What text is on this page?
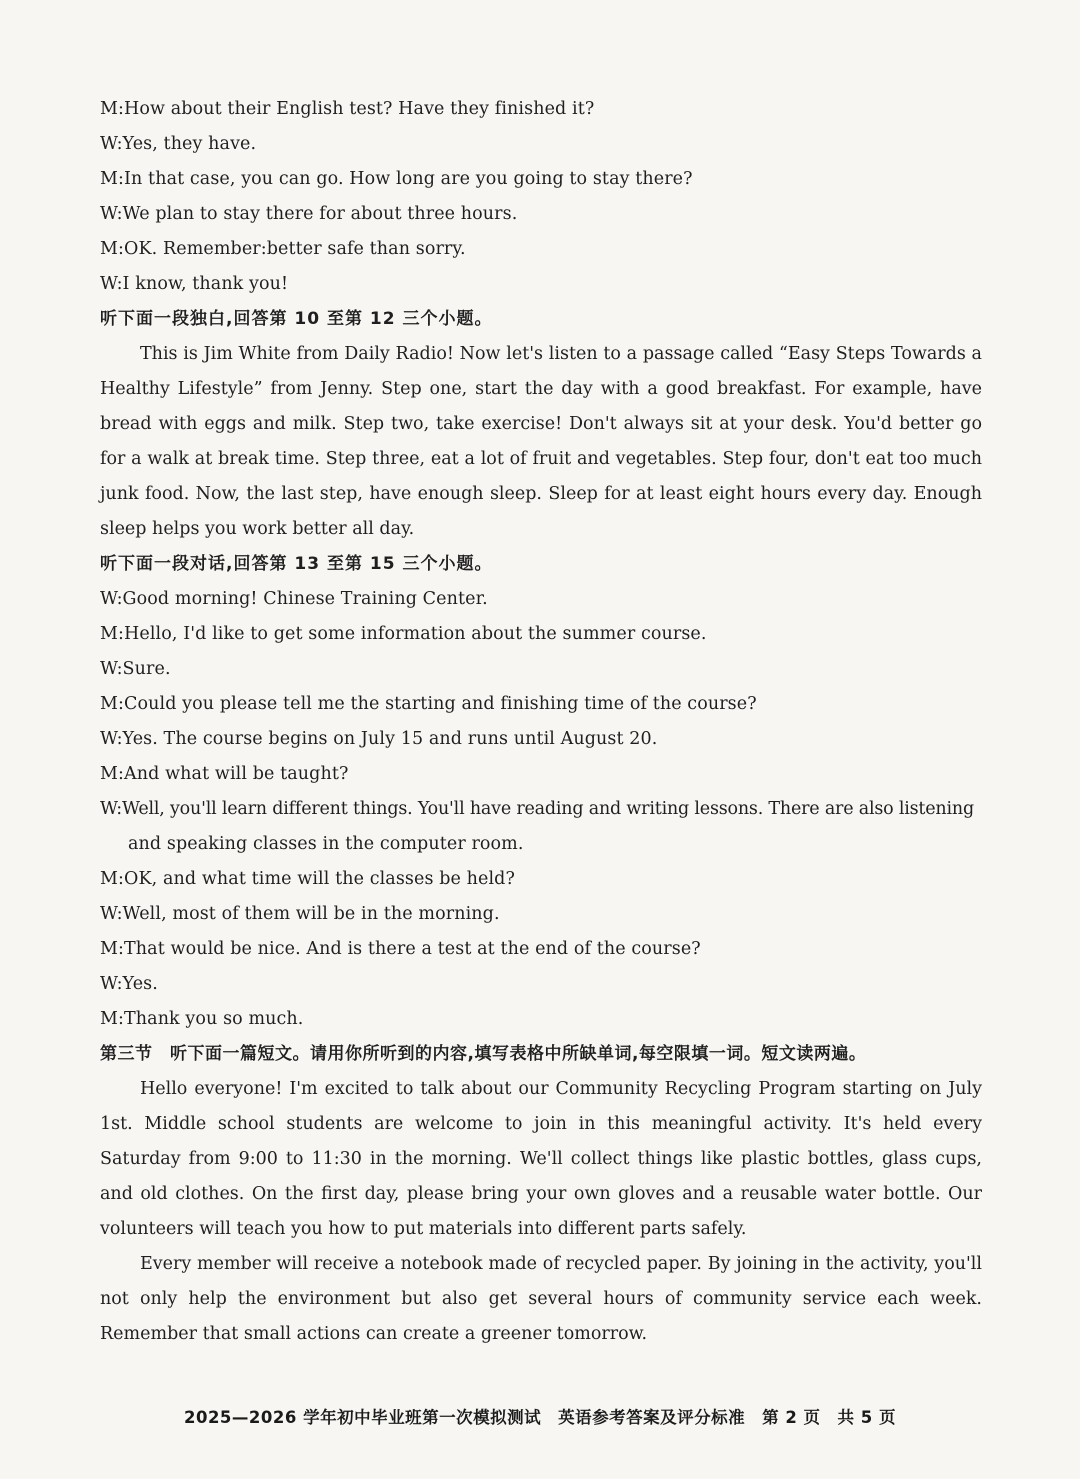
M:How about their English test? Have they finished it?
W:Yes, they have.
M:In that case, you can go. How long are you going to stay there?
W:We plan to stay there for about three hours.
M:OK. Remember:better safe than sorry.
W:I know, thank you!
听下面一段独白,回答第 10 至第 12 三个小题。
This is Jim White from Daily Radio! Now let's listen to a passage called “Easy Steps Towards a Healthy Lifestyle” from Jenny. Step one, start the day with a good breakfast. For example, have bread with eggs and milk. Step two, take exercise! Don't always sit at your desk. You'd better go for a walk at break time. Step three, eat a lot of fruit and vegetables. Step four, don't eat too much junk food. Now, the last step, have enough sleep. Sleep for at least eight hours every day. Enough sleep helps you work better all day.
听下面一段对话,回答第 13 至第 15 三个小题。
W:Good morning! Chinese Training Center.
M:Hello, I'd like to get some information about the summer course.
W:Sure.
M:Could you please tell me the starting and finishing time of the course?
W:Yes. The course begins on July 15 and runs until August 20.
M:And what will be taught?
W:Well, you'll learn different things. You'll have reading and writing lessons. There are also listening
and speaking classes in the computer room.
M:OK, and what time will the classes be held?
W:Well, most of them will be in the morning.
M:That would be nice. And is there a test at the end of the course?
W:Yes.
M:Thank you so much.
第三节　听下面一篇短文。请用你所听到的内容,填写表格中所缺单词,每空限填一词。短文读两遍。
Hello everyone! I'm excited to talk about our Community Recycling Program starting on July 1st. Middle school students are welcome to join in this meaningful activity. It's held every Saturday from 9:00 to 11:30 in the morning. We'll collect things like plastic bottles, glass cups, and old clothes. On the first day, please bring your own gloves and a reusable water bottle. Our volunteers will teach you how to put materials into different parts safely.
Every member will receive a notebook made of recycled paper. By joining in the activity, you'll not only help the environment but also get several hours of community service each week. Remember that small actions can create a greener tomorrow.
2025—2026 学年初中毕业班第一次模拟测试　英语参考答案及评分标准　第 2 页　共 5 页
